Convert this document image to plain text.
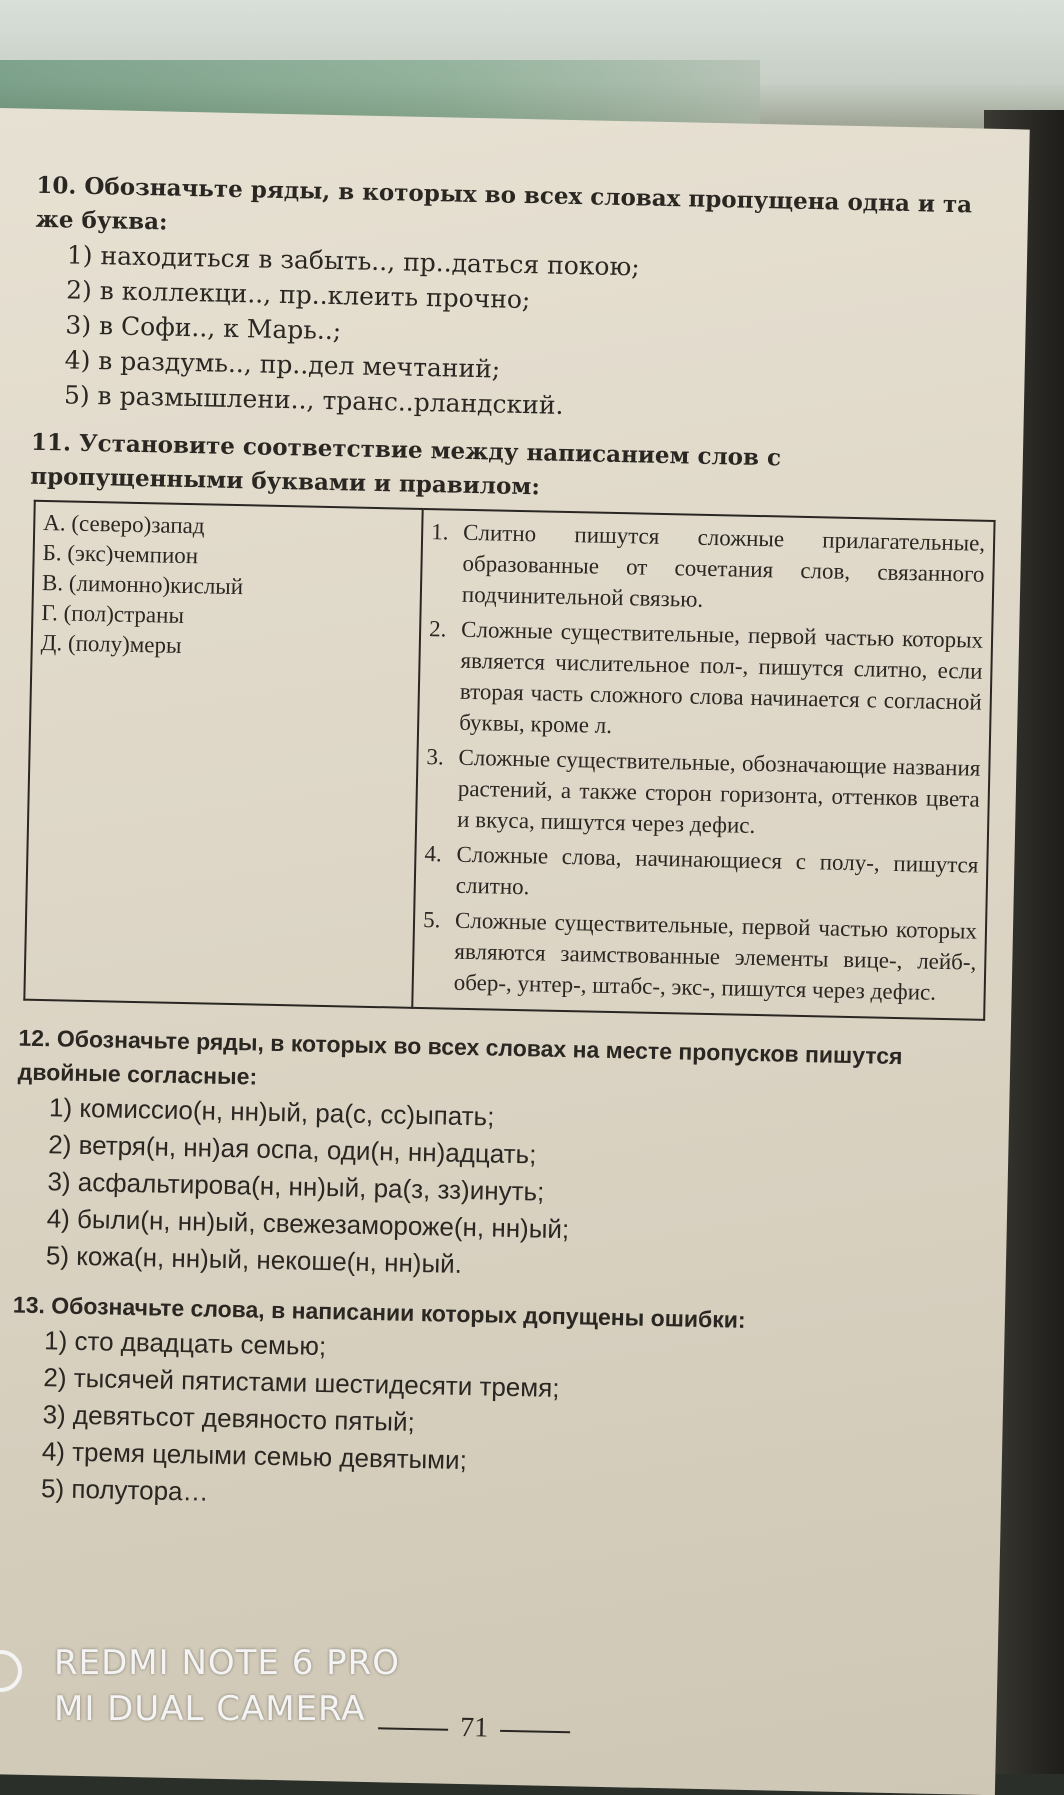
10. Обозначьте ряды, в которых во всех словах пропущена одна и та же буква:
1) находиться в забыть.., пр..даться покою;
2) в коллекци.., пр..клеить прочно;
3) в Софи.., к Марь..;
4) в раздумь.., пр..дел мечтаний;
5) в размышлени.., транс..рландский.
11. Установите соответствие между написанием слов с пропущенными буквами и правилом:
А. (северо)запад
Б. (экс)чемпион
В. (лимонно)кислый
Г. (пол)страны
Д. (полу)меры

1. Слитно пишутся сложные прилагательные, образованные от сочетания слов, связанного подчинительной связью.
2. Сложные существительные, первой частью которых является числительное пол-, пишутся слитно, если вторая часть сложного слова начинается с согласной буквы, кроме л.
3. Сложные существительные, обозначающие названия растений, а также сторон горизонта, оттенков цвета и вкуса, пишутся через дефис.
4. Сложные слова, начинающиеся с полу-, пишутся слитно.
5. Сложные существительные, первой частью которых являются заимствованные элементы вице-, лейб-, обер-, унтер-, штабс-, экс-, пишутся через дефис.
12. Обозначьте ряды, в которых во всех словах на месте пропусков пишутся двойные согласные:
1) комиссио(н, нн)ый, ра(с, сс)ыпать;
2) ветря(н, нн)ая оспа, оди(н, нн)адцать;
3) асфальтирова(н, нн)ый, ра(з, зз)инуть;
4) были(н, нн)ый, свежезамороже(н, нн)ый;
5) кожа(н, нн)ый, некоше(н, нн)ый.
13. Обозначьте слова, в написании которых допущены ошибки:
1) сто двадцать семью;
2) тысячей пятистами шестидесяти тремя;
3) девятьсот девяносто пятый;
4) тремя целыми семью девятыми;
5) полутора…
71
REDMI NOTE 6 PRO
MI DUAL CAMERA
